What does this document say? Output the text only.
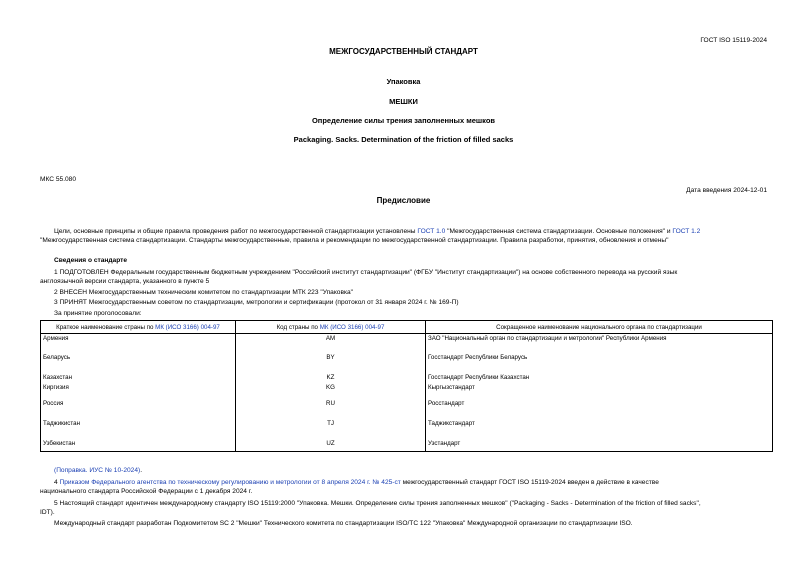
ГОСТ ISO 15119-2024
МЕЖГОСУДАРСТВЕННЫЙ СТАНДАРТ
Упаковка
МЕШКИ
Определение силы трения заполненных мешков
Packaging. Sacks. Determination of the friction of filled sacks
МКС 55.080
Дата введения 2024-12-01
Предисловие
Цели, основные принципы и общие правила проведения работ по межгосударственной стандартизации установлены ГОСТ 1.0 "Межгосударственная система стандартизации. Основные положения" и ГОСТ 1.2
"Межгосударственная система стандартизации. Стандарты межгосударственные, правила и рекомендации по межгосударственной стандартизации. Правила разработки, принятия, обновления и отмены"
Сведения о стандарте
1 ПОДГОТОВЛЕН Федеральным государственным бюджетным учреждением "Российский институт стандартизации" (ФГБУ "Институт стандартизации") на основе собственного перевода на русский язык
англоязычной версии стандарта, указанного в пункте 5
2 ВНЕСЕН Межгосударственным техническим комитетом по стандартизации МТК 223 "Упаковка"
3 ПРИНЯТ Межгосударственным советом по стандартизации, метрологии и сертификации (протокол от 31 января 2024 г. № 169-П)
За принятие проголосовали:
Краткое наименование страны по МК (ИСО 3166) 004-97	Код страны по МК (ИСО 3166) 004-97	Сокращенное наименование национального органа по стандартизации
Армения	AM	ЗАО "Национальный орган по стандартизации и метрологии" Республики Армения
Беларусь	BY	Госстандарт Республики Беларусь
Казахстан	KZ	Госстандарт Республики Казахстан
Киргизия	KG	Кыргызстандарт
Россия	RU	Росстандарт
Таджикистан	TJ	Таджикстандарт
Узбекистан	UZ	Узстандарт
(Поправка. ИУС № 10-2024).
4 Приказом Федерального агентства по техническому регулированию и метрологии от 8 апреля 2024 г. № 425-ст межгосударственный стандарт ГОСТ ISO 15119-2024 введен в действие в качестве
национального стандарта Российской Федерации с 1 декабря 2024 г.
5 Настоящий стандарт идентичен международному стандарту ISO 15119:2000 "Упаковка. Мешки. Определение силы трения заполненных мешков" ("Packaging - Sacks - Determination of the friction of filled sacks",
IDT).
Международный стандарт разработан Подкомитетом SC 2 "Мешки" Технического комитета по стандартизации ISO/TC 122 "Упаковка" Международной организации по стандартизации ISO.
